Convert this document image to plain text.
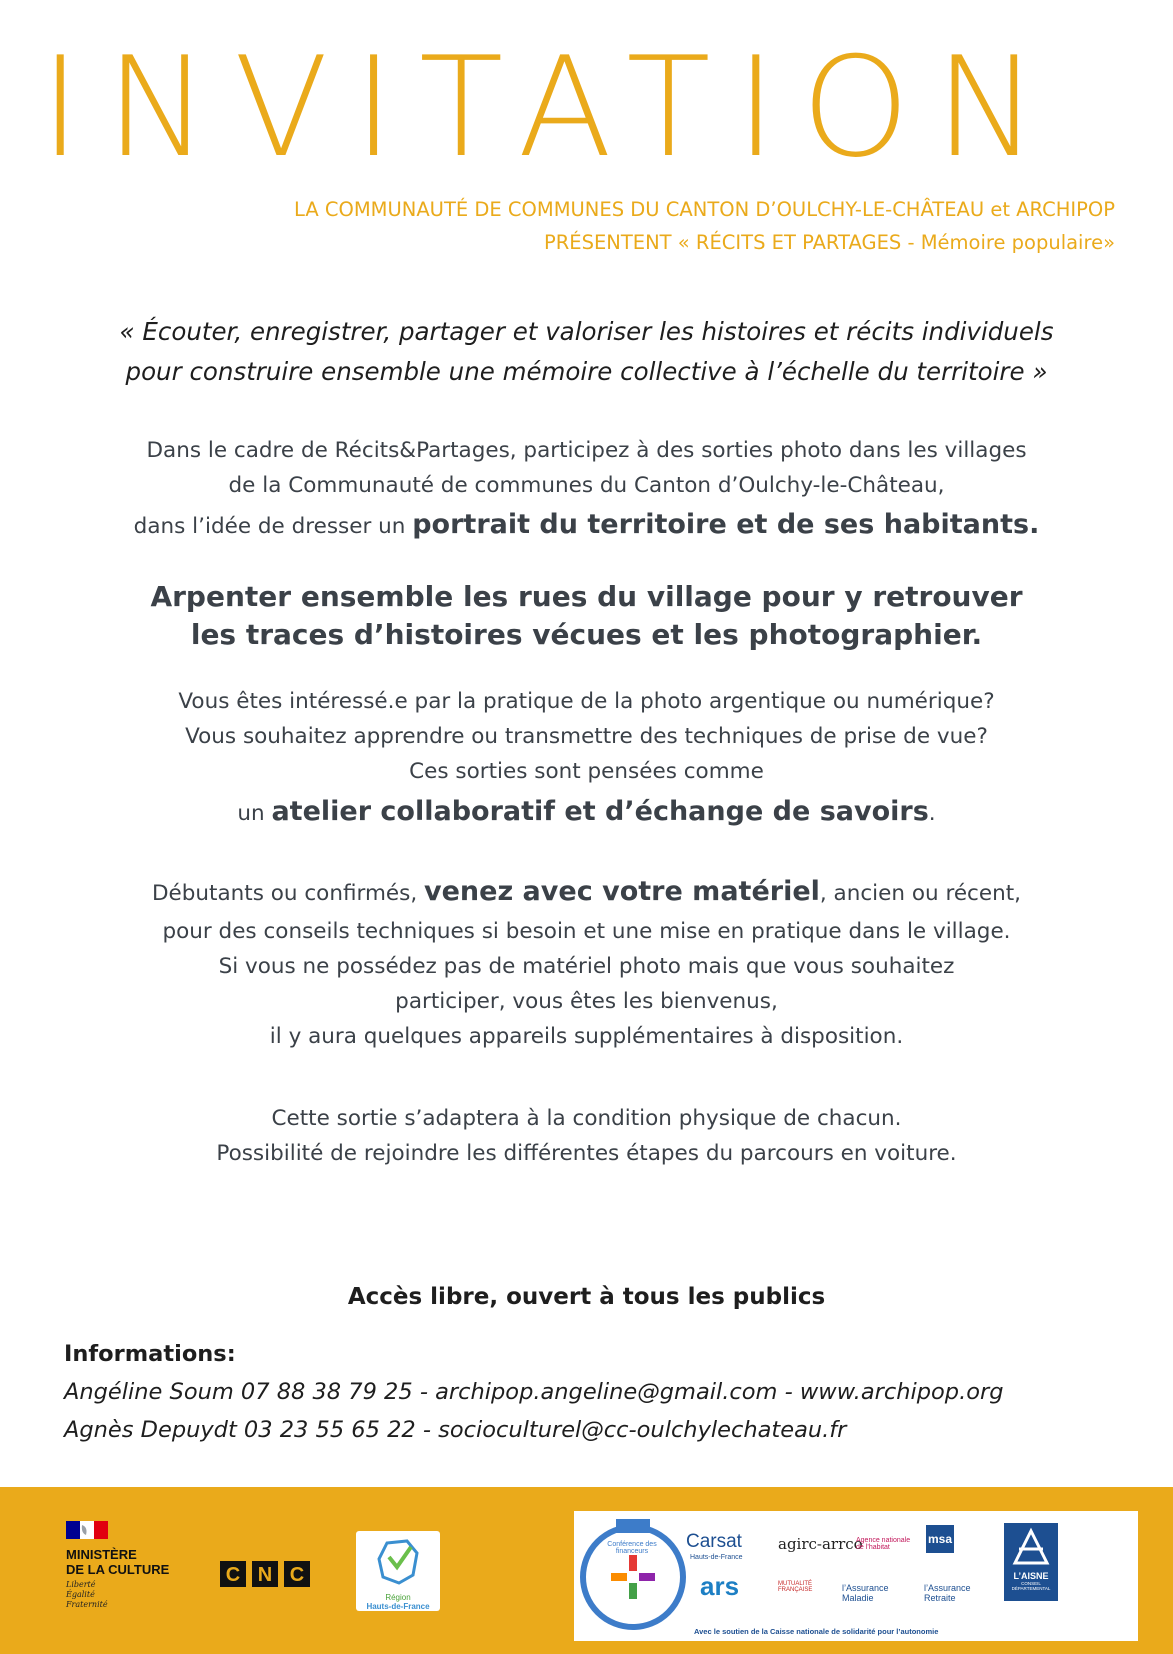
INVITATION
LA COMMUNAUTÉ DE COMMUNES DU CANTON D’OULCHY-LE-CHÂTEAU et ARCHIPOP
PRÉSENTENT « RÉCITS ET PARTAGES - Mémoire populaire»
« Écouter, enregistrer, partager et valoriser les histoires et récits individuels
pour construire ensemble une mémoire collective à l’échelle du territoire »
Dans le cadre de Récits&Partages, participez à des sorties photo dans les villages
de la Communauté de communes du Canton d’Oulchy-le-Château,
dans l’idée de dresser un portrait du territoire et de ses habitants.
Arpenter ensemble les rues du village pour y retrouver
les traces d’histoires vécues et les photographier.
Vous êtes intéressé.e par la pratique de la photo argentique ou numérique?
Vous souhaitez apprendre ou transmettre des techniques de prise de vue?
Ces sorties sont pensées comme
un atelier collaboratif et d’échange de savoirs.
Débutants ou confirmés, venez avec votre matériel, ancien ou récent,
pour des conseils techniques si besoin et une mise en pratique dans le village.
Si vous ne possédez pas de matériel photo mais que vous souhaitez
participer, vous êtes les bienvenus,
il y aura quelques appareils supplémentaires à disposition.
Cette sortie s’adaptera à la condition physique de chacun.
Possibilité de rejoindre les différentes étapes du parcours en voiture.
Accès libre, ouvert à tous les publics
Informations:
Angéline Soum 07 88 38 79 25 - archipop.angeline@gmail.com - www.archipop.org
Agnès Depuydt 03 23 55 65 22 - socioculturel@cc-oulchylechateau.fr
MINISTÈRE
DE LA CULTURE
Liberté
Égalité
Fraternité
C N C
Région
Hauts-de-France
Conférence des financeurs	Carsat
Hauts-de-France
agirc-arrco
Agence nationale de l’habitat
msa
L’AISNE
CONSEIL DÉPARTEMENTAL
ars	MUTUALITÉ FRANÇAISE	l’Assurance Maladie
l’Assurance Retraite
Avec le soutien de la Caisse nationale de solidarité pour l’autonomie
